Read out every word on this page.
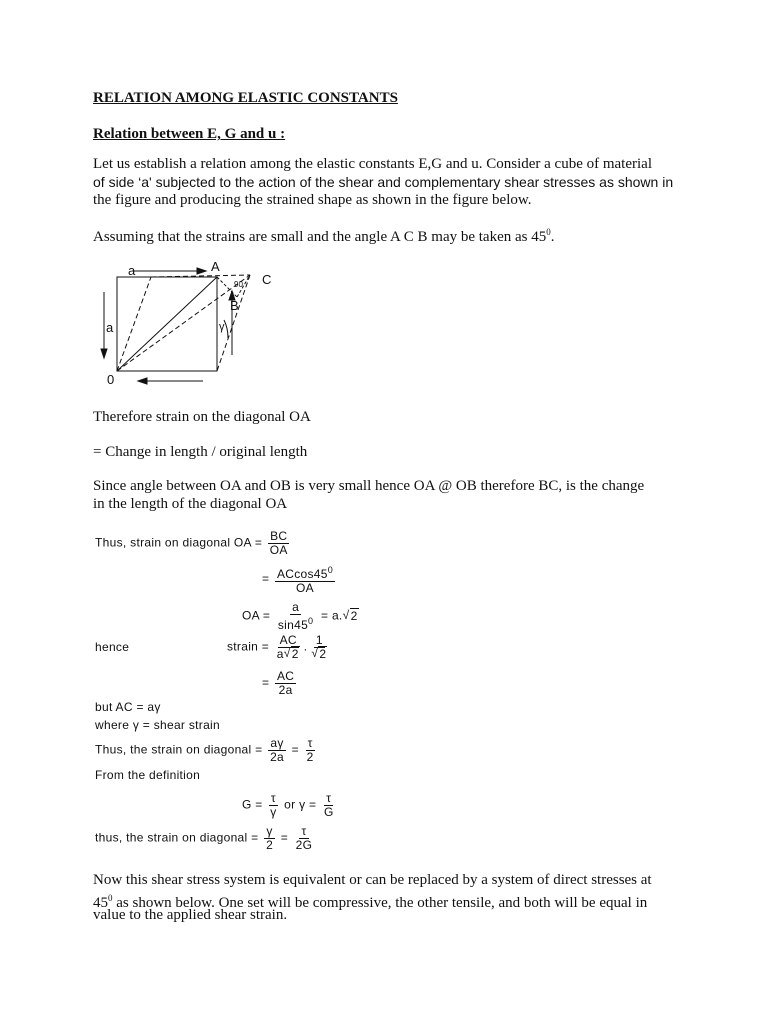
RELATION AMONG ELASTIC CONSTANTS

Relation between E, G and u :

Let us establish a relation among the elastic constants E,G and u. Consider a cube of material

of side ‘a' subjected to the action of the shear and complementary shear stresses as shown in

the figure and producing the strained shape as shown in the figure below.

Assuming that the strains are small and the angle A C B may be taken as $45^0$.

a	A
C
B
90
γ
a
0

Therefore strain on the diagonal OA

= Change in length / original length

Since angle between OA and OB is very small hence OA @ OB therefore BC, is the change

in the length of the diagonal OA

Thus, strain on diagonal OA = $\frac{BC}{OA}$
= $\frac{ACcos45^0}{OA}$
OA = $\frac{a}{\sin 45^0} = a.√$ 2
hence	strain = $\frac{AC}{a√ 2}$ . 1
√ 2
= $\frac{AC}{2a}$
but AC = aγ
where γ = shear strain
Thus, the strain on diagonal = $\frac{a\gamma}{2a} = \frac{\tau}{2}$
From the definition
$G = \frac{\tau}{\gamma}$ or $\gamma = \frac{\tau}{G}$
thus, the strain on diagonal = $\frac{\gamma}{2} = \frac{\tau}{2G}$

Now this shear stress system is equivalent or can be replaced by a system of direct stresses at

$45^0$ as shown below. One set will be compressive, the other tensile, and both will be equal in

value to the applied shear strain.
